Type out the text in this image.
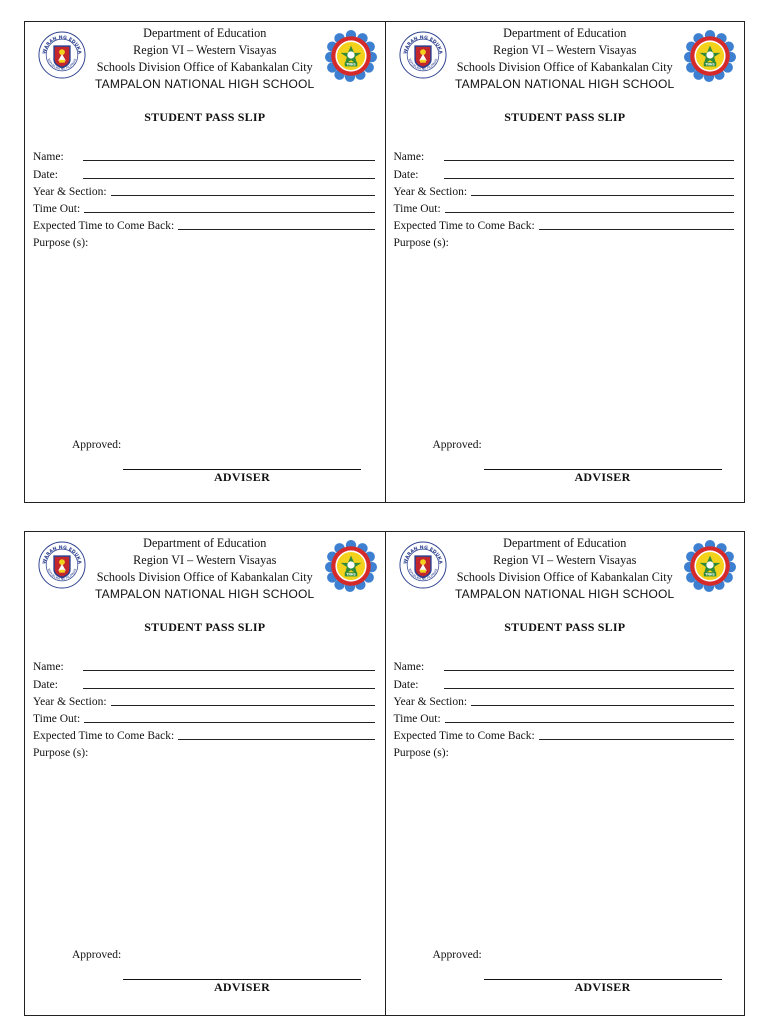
Department of Education
Region VI – Western Visayas
Schools Division Office of Kabankalan City
TAMPALON NATIONAL HIGH SCHOOL
STUDENT PASS SLIP
Name:
Date:
Year & Section:
Time Out:
Expected Time to Come Back:
Purpose (s):
Approved:
ADVISER
Department of Education
Region VI – Western Visayas
Schools Division Office of Kabankalan City
TAMPALON NATIONAL HIGH SCHOOL
STUDENT PASS SLIP
Name:
Date:
Year & Section:
Time Out:
Expected Time to Come Back:
Purpose (s):
Approved:
ADVISER
Department of Education
Region VI – Western Visayas
Schools Division Office of Kabankalan City
TAMPALON NATIONAL HIGH SCHOOL
STUDENT PASS SLIP
Name:
Date:
Year & Section:
Time Out:
Expected Time to Come Back:
Purpose (s):
Approved:
ADVISER
Department of Education
Region VI – Western Visayas
Schools Division Office of Kabankalan City
TAMPALON NATIONAL HIGH SCHOOL
STUDENT PASS SLIP
Name:
Date:
Year & Section:
Time Out:
Expected Time to Come Back:
Purpose (s):
Approved:
ADVISER
